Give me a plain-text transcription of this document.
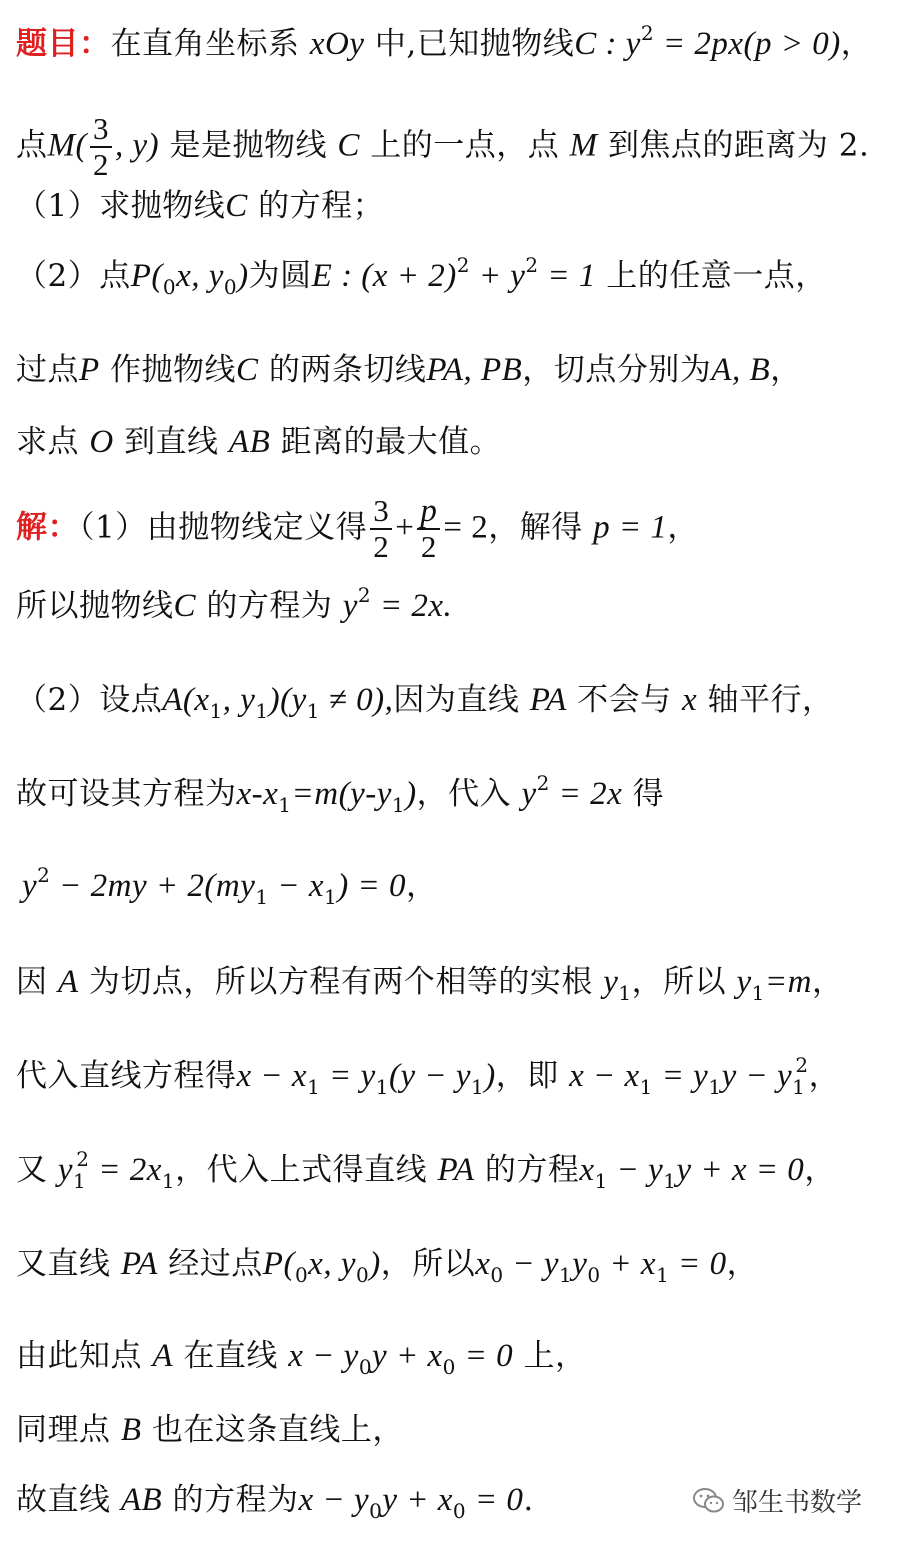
题目：在直角坐标系 xOy 中,已知抛物线C : $y^2 = 2px(p > 0)$，
点$M( \frac{3}{2}$ , y) 是是抛物线 C 上的一点，点 M 到焦点的距离为 2.
（1）求抛物线C 的方程；
（2）点$P(_0x$, $y_0$)为圆E : $(x + 2)^2 + y^2 = 1$ 上的任意一点，
过点P 作抛物线C 的两条切线PA, PB，切点分别为A, B，
求点 O 到直线 AB 距离的最大值。
解：（1）由抛物线定义得 $\frac{3}{2} + \frac{p}{2} = 2$，解得 p = 1，
所以抛物线C 的方程为 $y^2 = 2x$.
（2）设点$A(x_1$, $y_1)(y_1 \ne 0)$,因为直线 PA 不会与 x 轴平行，
故可设其方程为$x-x_1=m(y-y_1)$，代入 $y^2 = 2x$ 得
$y^2 - 2my + 2(my_1 - x_1) = 0$，
因 A 为切点，所以方程有两个相等的实根 $y_1$，所以 $y_1=m$，
代入直线方程得$x - x_1 = y_1(y - y_1)$，即 $x - x_1 = y_1y - y_1^2$，
又 $y_1^2 = 2x_1$，代入上式得直线 PA 的方程$x_1 - y_1y + x = 0$，
又直线 PA 经过点$P(_0x$, $y_0$)，所以$x_0 - y_1y_0 + x_1 = 0$，
由此知点 A 在直线 $x - y_0y + x_0 = 0$ 上，
同理点 B 也在这条直线上，
故直线 AB 的方程为$x - y_0y + x_0 = 0$.	邹生书数学
